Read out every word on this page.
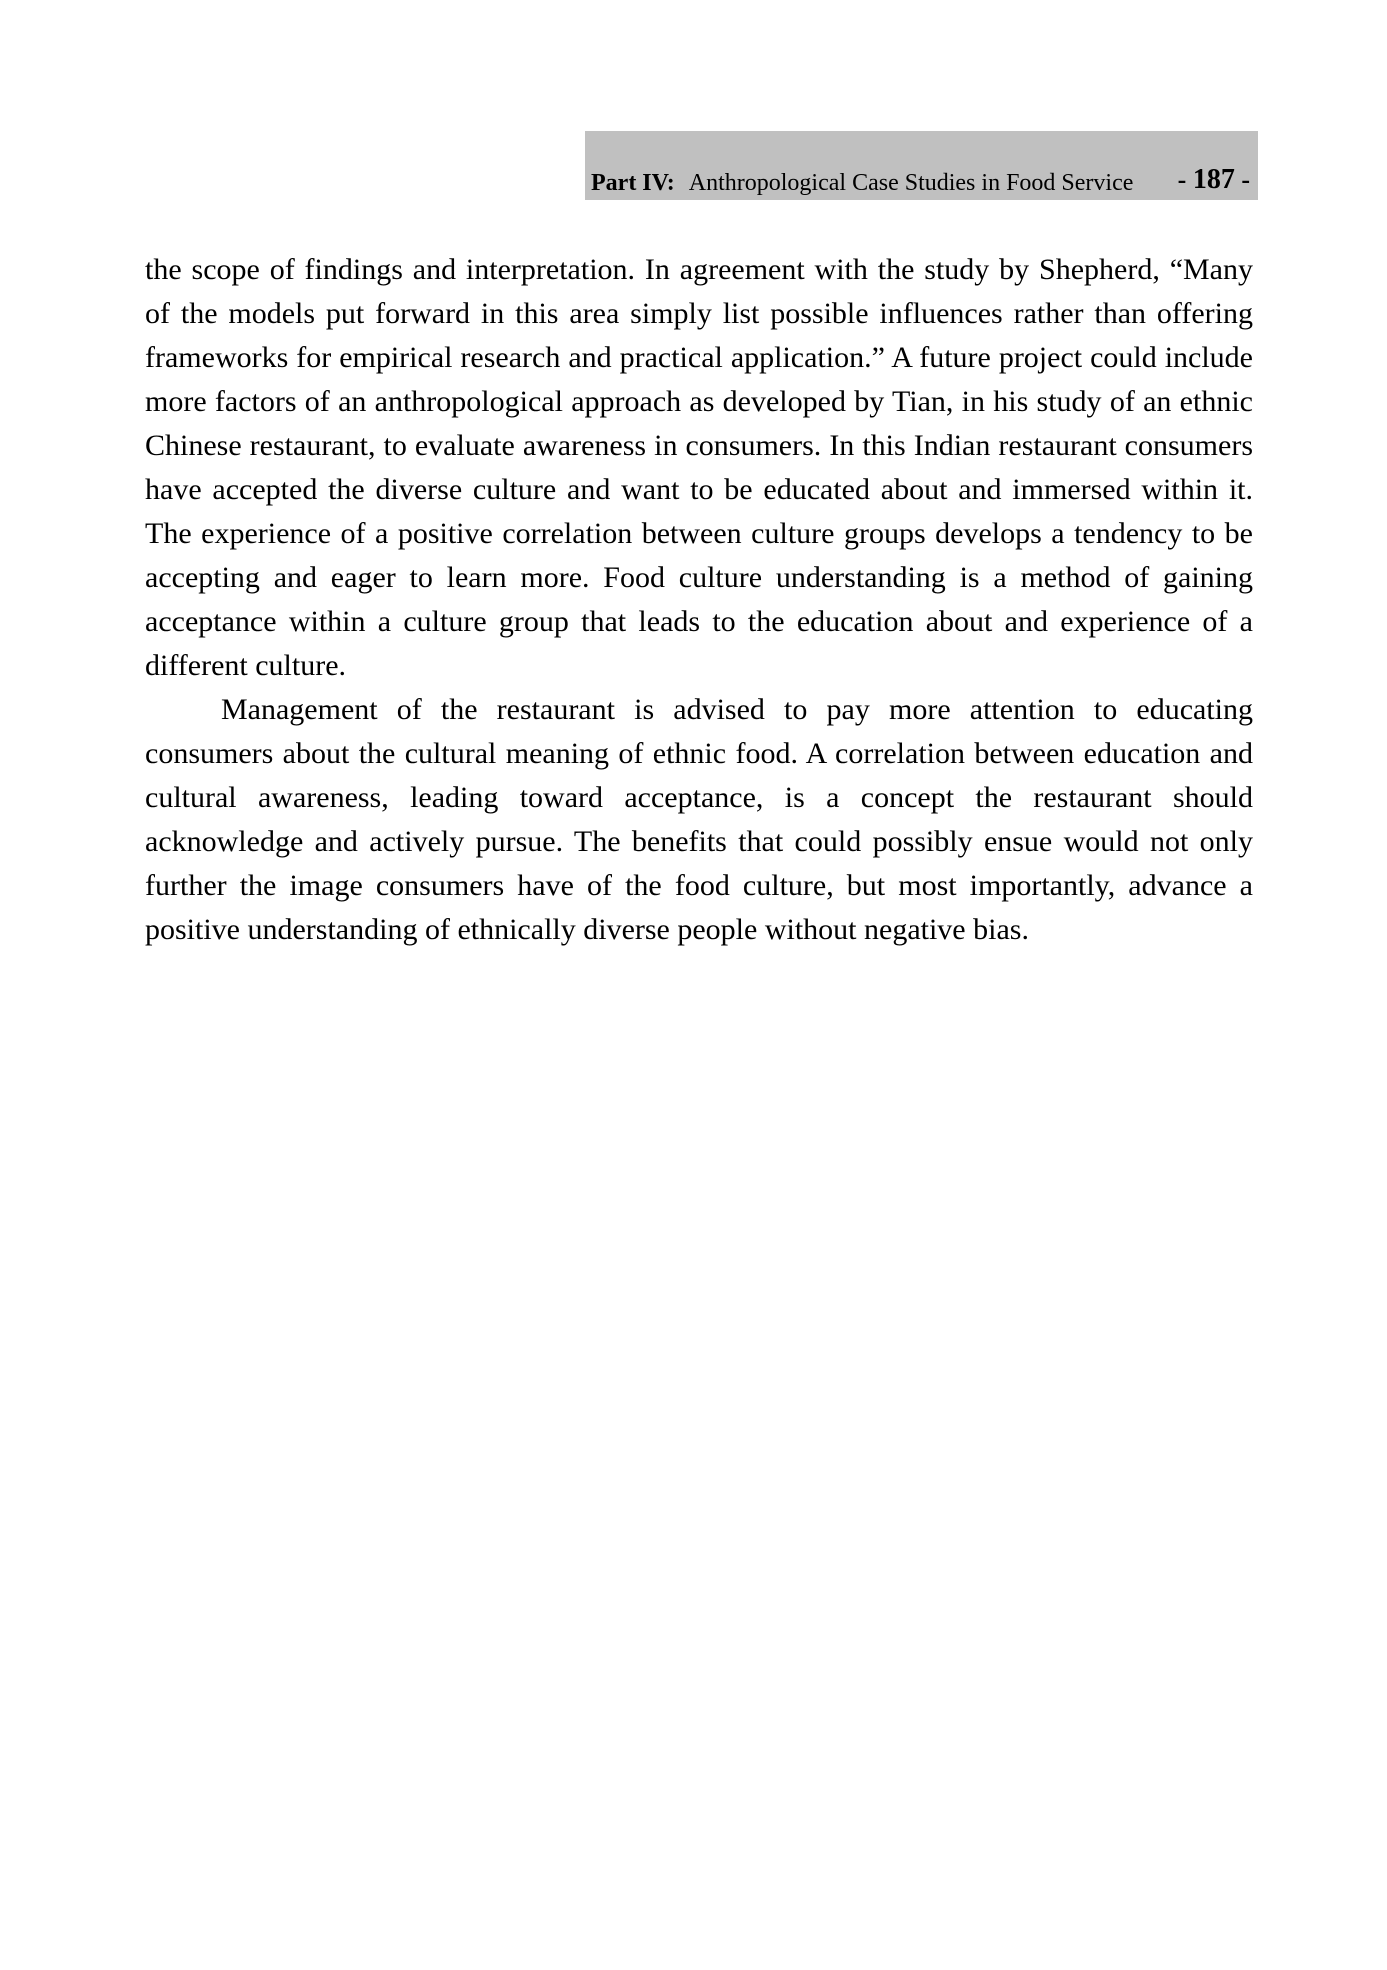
Part IV: Anthropological Case Studies in Food Service - 187 -

the scope of findings and interpretation. In agreement with the study by Shepherd, “Many of the models put forward in this area simply list possible influences rather than offering frameworks for empirical research and practical application.” A future project could include more factors of an anthropological approach as developed by Tian, in his study of an ethnic Chinese restaurant, to evaluate awareness in consumers. In this Indian restaurant consumers have accepted the diverse culture and want to be educated about and immersed within it. The experience of a positive correlation between culture groups develops a tendency to be accepting and eager to learn more. Food culture understanding is a method of gaining acceptance within a culture group that leads to the education about and experience of a different culture.

Management of the restaurant is advised to pay more attention to educating consumers about the cultural meaning of ethnic food. A correlation between education and cultural awareness, leading toward acceptance, is a concept the restaurant should acknowledge and actively pursue. The benefits that could possibly ensue would not only further the image consumers have of the food culture, but most importantly, advance a positive understanding of ethnically diverse people without negative bias.
